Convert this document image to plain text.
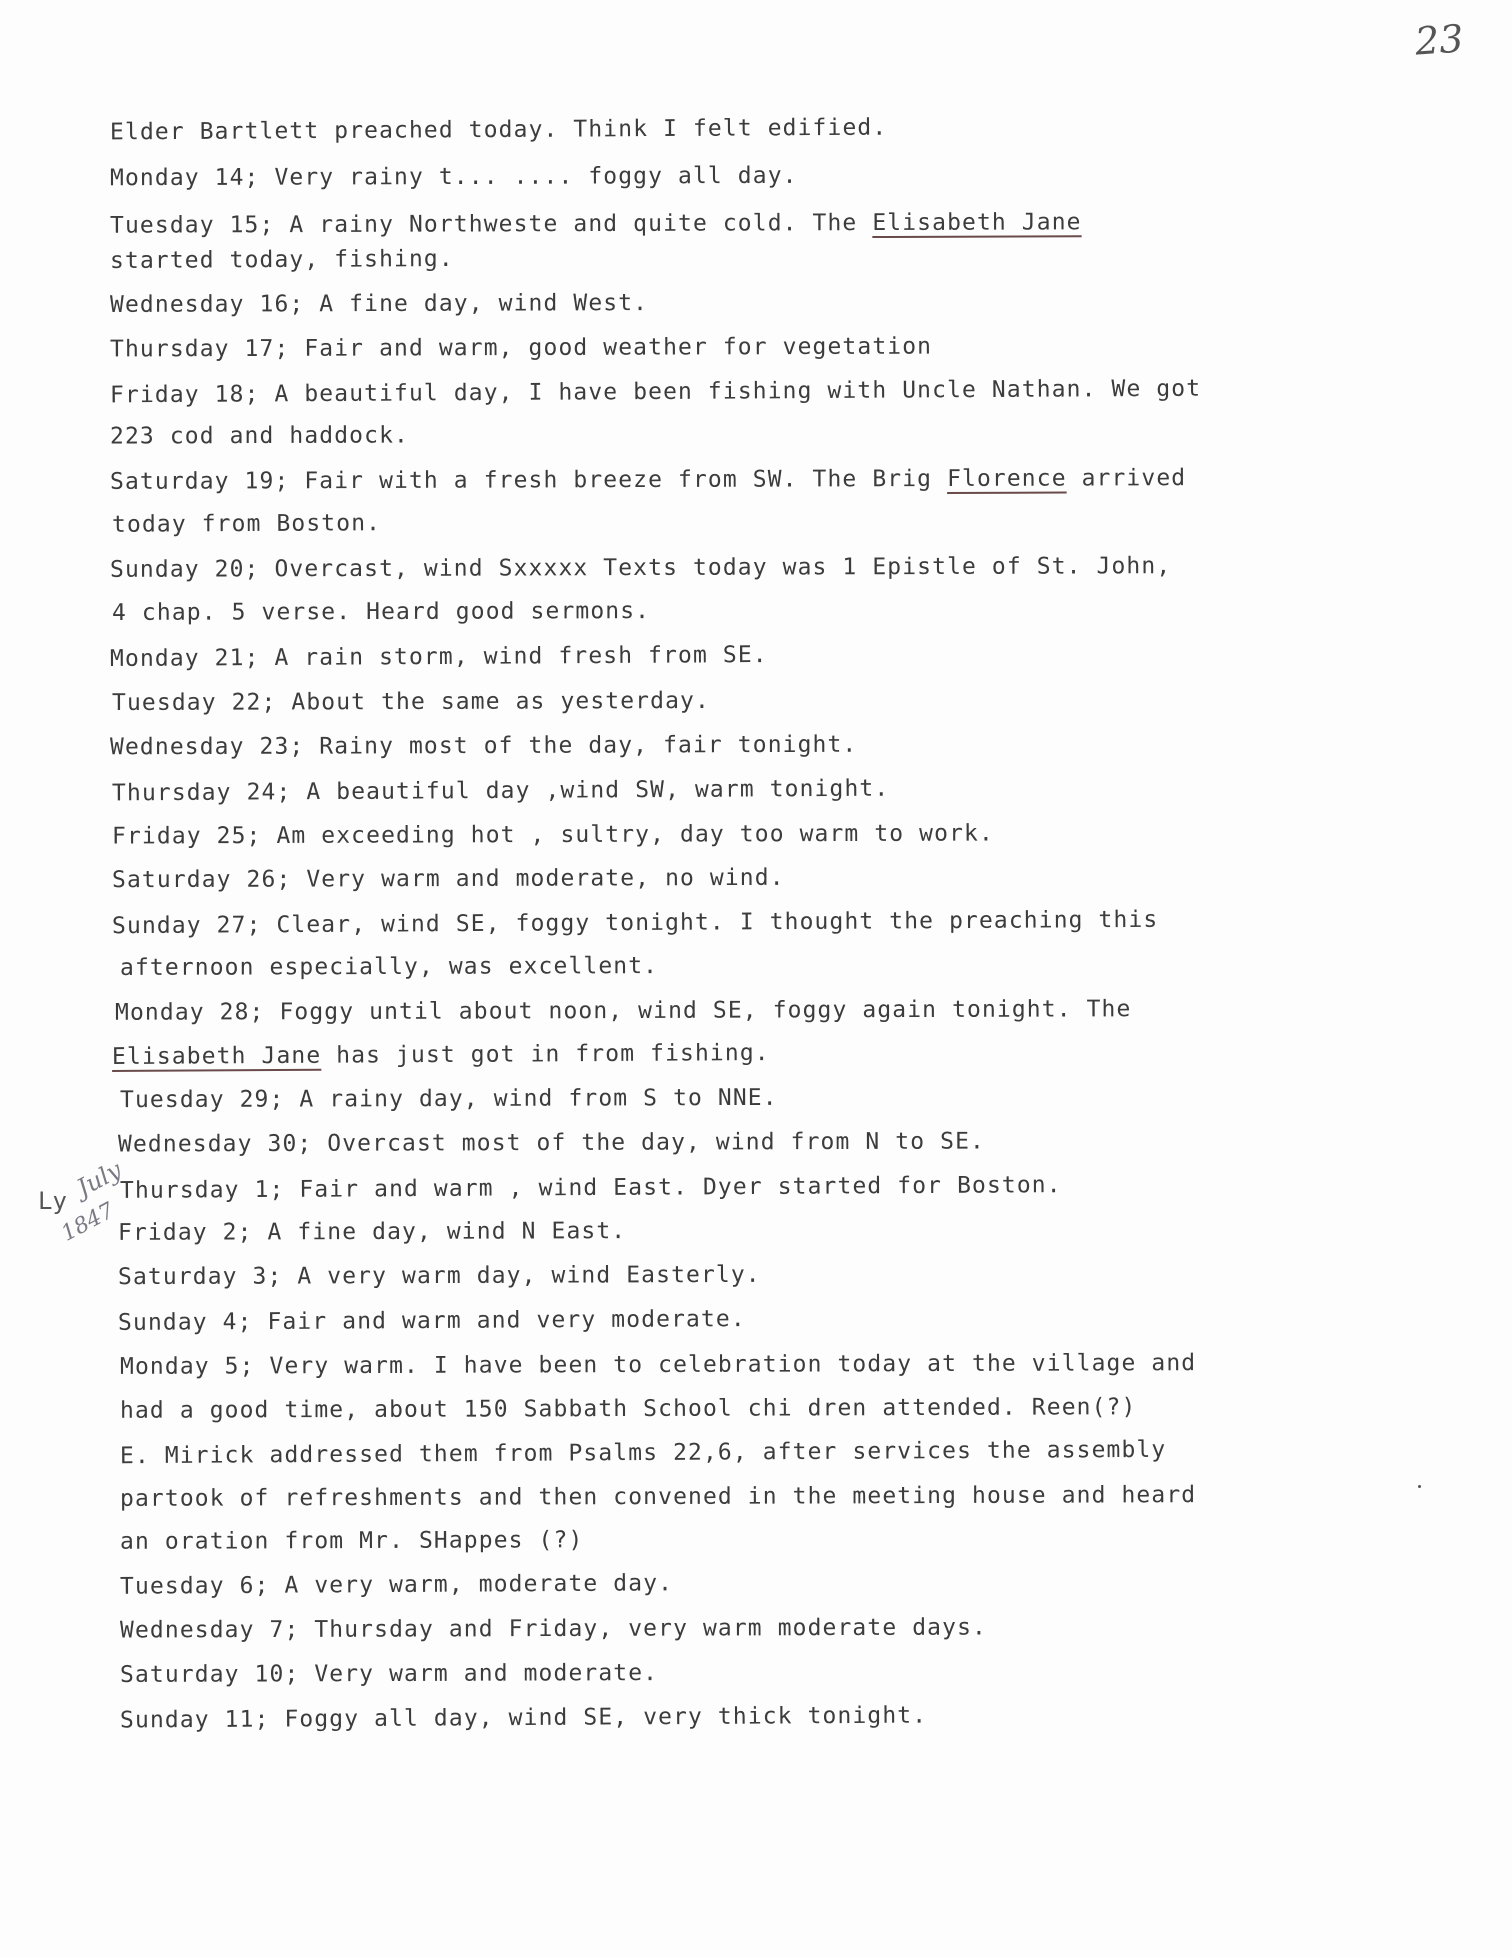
23
Ly July
1847
Elder Bartlett preached today. Think I felt edified.
Monday 14; Very rainy t... .... foggy all day.
Tuesday 15; A rainy Northweste and quite cold. The Elisabeth Jane
started today, fishing.
Wednesday 16; A fine day, wind West.
Thursday 17; Fair and warm, good weather for vegetation
Friday 18; A beautiful day, I have been fishing with Uncle Nathan. We got
223 cod and haddock.
Saturday 19; Fair with a fresh breeze from SW. The Brig Florence arrived
today from Boston.
Sunday 20; Overcast, wind Sxxxxx Texts today was 1 Epistle of St. John,
4 chap. 5 verse. Heard good sermons.
Monday 21; A rain storm, wind fresh from SE.
Tuesday 22; About the same as yesterday.
Wednesday 23; Rainy most of the day, fair tonight.
Thursday 24; A beautiful day ,wind SW, warm tonight.
Friday 25; Am exceeding hot , sultry, day too warm to work.
Saturday 26; Very warm and moderate, no wind.
Sunday 27; Clear, wind SE, foggy tonight. I thought the preaching this
afternoon especially, was excellent.
Monday 28; Foggy until about noon, wind SE, foggy again tonight. The
Elisabeth Jane has just got in from fishing.
Tuesday 29; A rainy day, wind from S to NNE.
Wednesday 30; Overcast most of the day, wind from N to SE.
Thursday 1; Fair and warm , wind East. Dyer started for Boston.
Friday 2; A fine day, wind N East.
Saturday 3; A very warm day, wind Easterly.
Sunday 4; Fair and warm and very moderate.
Monday 5; Very warm. I have been to celebration today at the village and
had a good time, about 150 Sabbath School chi dren attended. Reen(?)
E. Mirick addressed them from Psalms 22,6, after services the assembly
partook of refreshments and then convened in the meeting house and heard
an oration from Mr. SHappes (?)
Tuesday 6; A very warm, moderate day.
Wednesday 7; Thursday and Friday, very warm moderate days.
Saturday 10; Very warm and moderate.
Sunday 11; Foggy all day, wind SE, very thick tonight.
